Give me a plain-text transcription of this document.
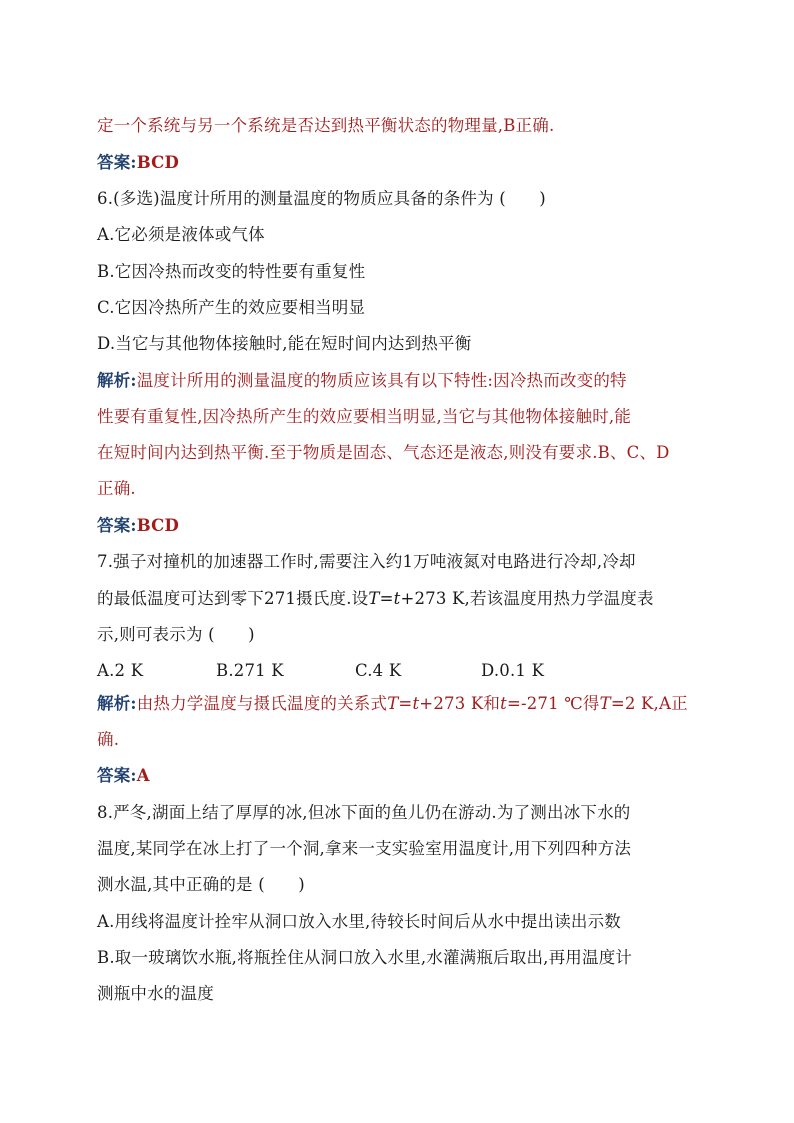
定一个系统与另一个系统是否达到热平衡状态的物理量,B正确.
答案:BCD
6.(多选)温度计所用的测量温度的物质应具备的条件为 (　　)
A.它必须是液体或气体
B.它因冷热而改变的特性要有重复性
C.它因冷热所产生的效应要相当明显
D.当它与其他物体接触时,能在短时间内达到热平衡
解析:温度计所用的测量温度的物质应该具有以下特性:因冷热而改变的特
性要有重复性,因冷热所产生的效应要相当明显,当它与其他物体接触时,能
在短时间内达到热平衡.至于物质是固态、气态还是液态,则没有要求.B、C、D
正确.
答案:BCD
7.强子对撞机的加速器工作时,需要注入约1万吨液氮对电路进行冷却,冷却
的最低温度可达到零下271摄氏度.设T=t+273 K,若该温度用热力学温度表
示,则可表示为 (　　)
A.2 K	B.271 K	C.4 K	D.0.1 K
解析:由热力学温度与摄氏温度的关系式T=t+273 K和t=-271 ℃得T=2 K,A正
确.
答案:A
8.严冬,湖面上结了厚厚的冰,但冰下面的鱼儿仍在游动.为了测出冰下水的
温度,某同学在冰上打了一个洞,拿来一支实验室用温度计,用下列四种方法
测水温,其中正确的是 (　　)
A.用线将温度计拴牢从洞口放入水里,待较长时间后从水中提出读出示数
B.取一玻璃饮水瓶,将瓶拴住从洞口放入水里,水灌满瓶后取出,再用温度计
测瓶中水的温度
